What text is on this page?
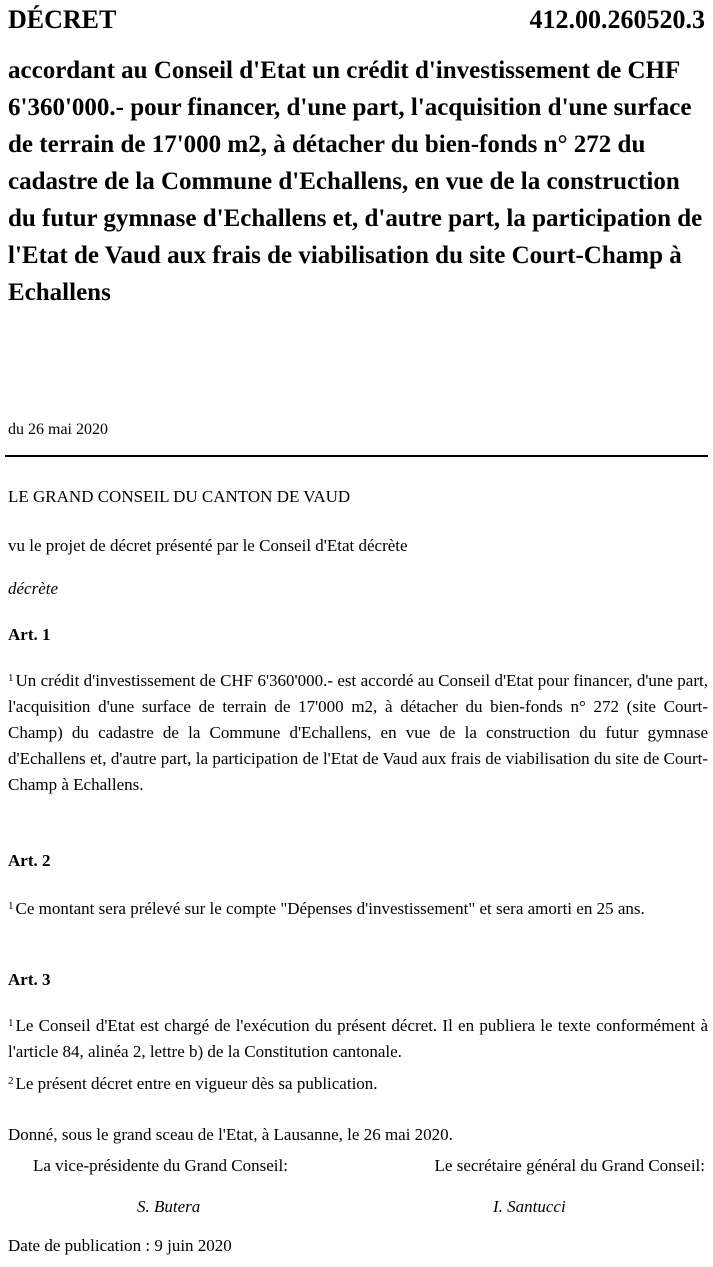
DÉCRET	412.00.260520.3
accordant au Conseil d'Etat un crédit d'investissement de CHF 6'360'000.- pour financer, d'une part, l'acquisition d'une surface de terrain de 17'000 m2, à détacher du bien-fonds n° 272 du cadastre de la Commune d'Echallens, en vue de la construction du futur gymnase d'Echallens et, d'autre part, la participation de l'Etat de Vaud aux frais de viabilisation du site Court-Champ à Echallens
du 26 mai 2020
LE GRAND CONSEIL DU CANTON DE VAUD
vu le projet de décret présenté par le Conseil d'Etat décrète
décrète
Art. 1
$^1$ Un crédit d'investissement de CHF 6'360'000.- est accordé au Conseil d'Etat pour financer, d'une part, l'acquisition d'une surface de terrain de 17'000 m2, à détacher du bien-fonds n° 272 (site Court-Champ) du cadastre de la Commune d'Echallens, en vue de la construction du futur gymnase d'Echallens et, d'autre part, la participation de l'Etat de Vaud aux frais de viabilisation du site de Court-Champ à Echallens.
Art. 2
$^1$ Ce montant sera prélevé sur le compte "Dépenses d'investissement" et sera amorti en 25 ans.
Art. 3
$^1$ Le Conseil d'Etat est chargé de l'exécution du présent décret. Il en publiera le texte conformément à l'article 84, alinéa 2, lettre b) de la Constitution cantonale.
$^2$ Le présent décret entre en vigueur dès sa publication.
Donné, sous le grand sceau de l'Etat, à Lausanne, le 26 mai 2020.
La vice-présidente du Grand Conseil:	Le secrétaire général du Grand Conseil:
S. Butera	I. Santucci
Date de publication : 9 juin 2020
